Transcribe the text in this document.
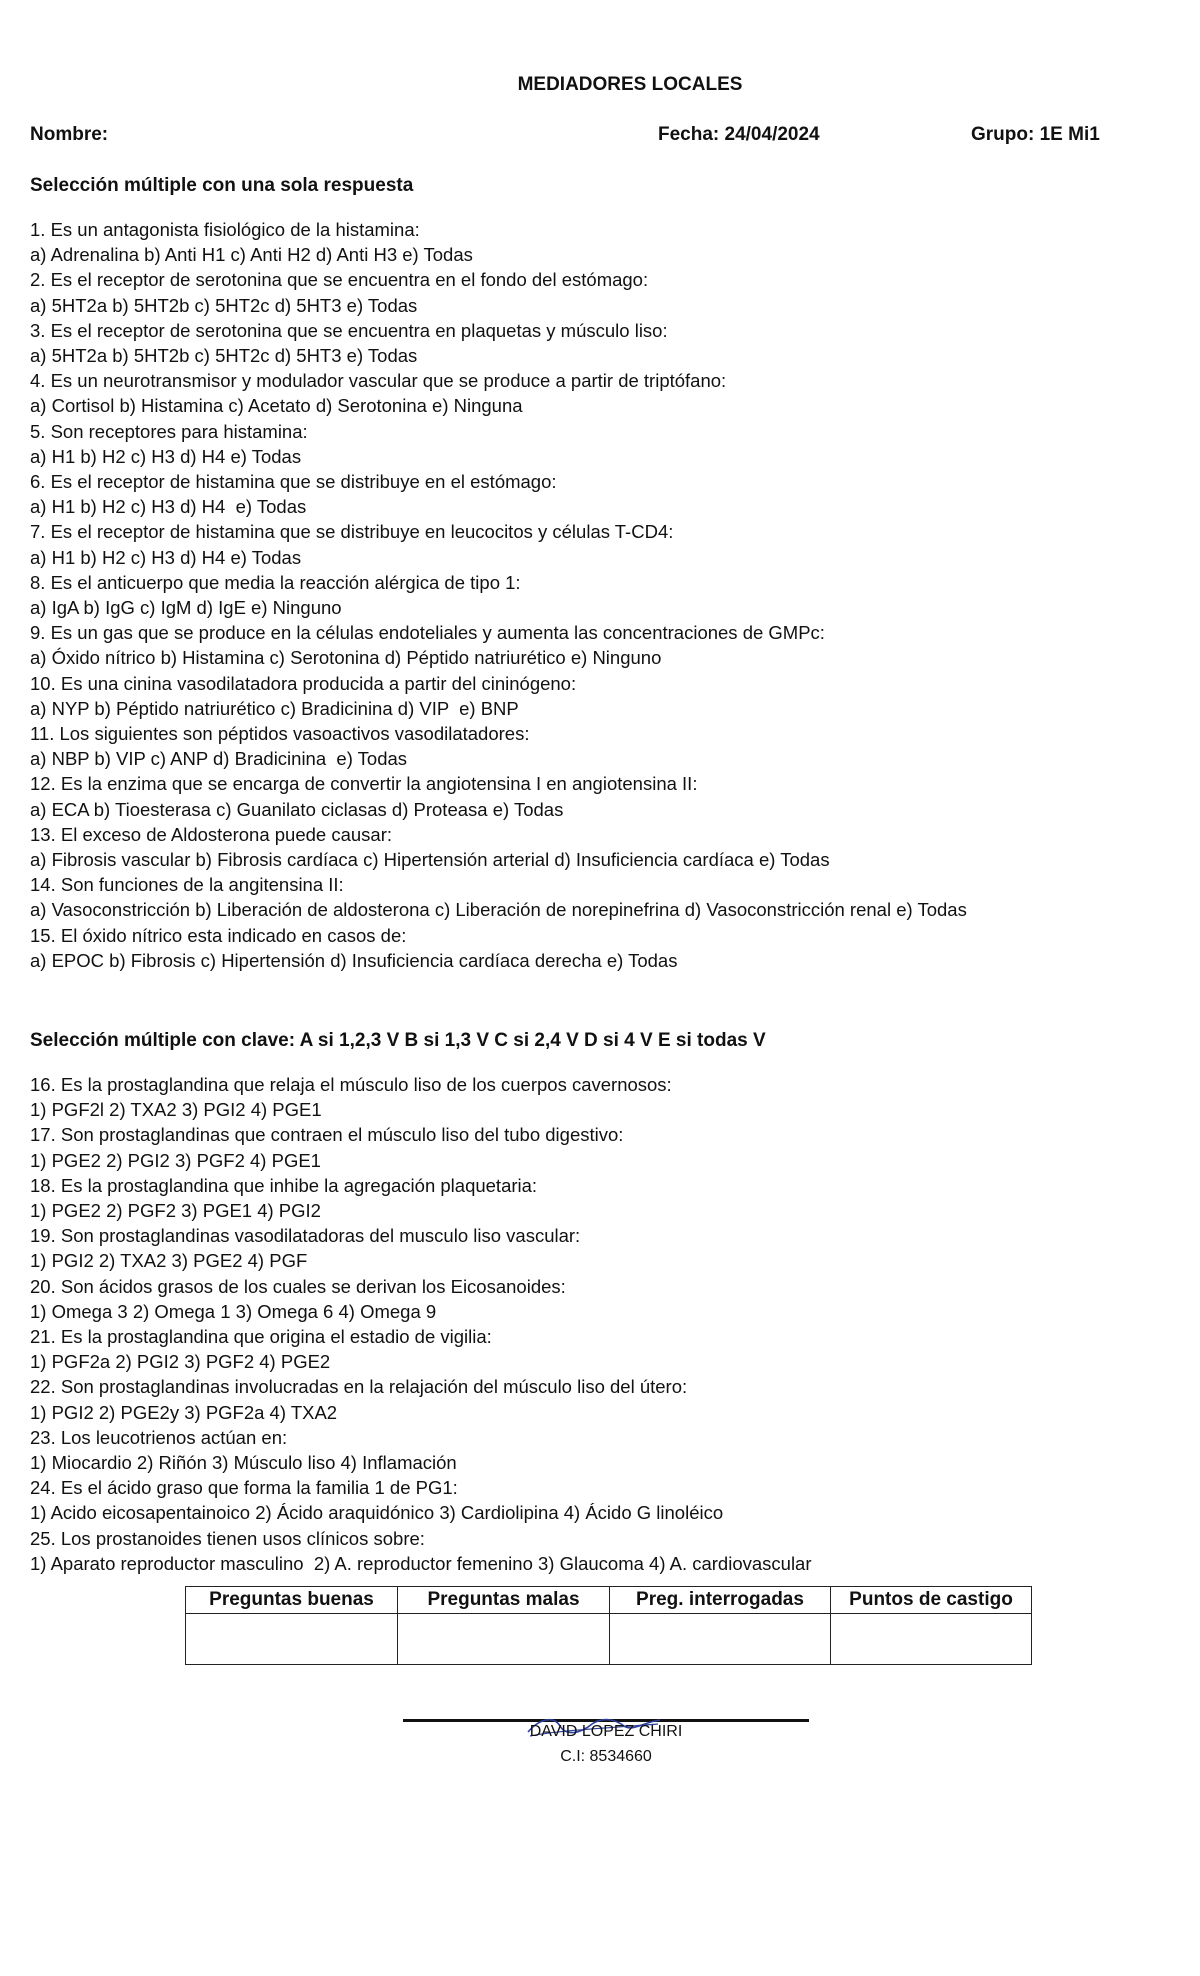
MEDIADORES LOCALES
Nombre:	Fecha: 24/04/2024	Grupo: 1E Mi1
Selección múltiple con una sola respuesta
1. Es un antagonista fisiológico de la histamina:
a) Adrenalina b) Anti H1 c) Anti H2 d) Anti H3 e) Todas
2. Es el receptor de serotonina que se encuentra en el fondo del estómago:
a) 5HT2a b) 5HT2b c) 5HT2c d) 5HT3 e) Todas
3. Es el receptor de serotonina que se encuentra en plaquetas y músculo liso:
a) 5HT2a b) 5HT2b c) 5HT2c d) 5HT3 e) Todas
4. Es un neurotransmisor y modulador vascular que se produce a partir de triptófano:
a) Cortisol b) Histamina c) Acetato d) Serotonina e) Ninguna
5. Son receptores para histamina:
a) H1 b) H2 c) H3 d) H4 e) Todas
6. Es el receptor de histamina que se distribuye en el estómago:
a) H1 b) H2 c) H3 d) H4  e) Todas
7. Es el receptor de histamina que se distribuye en leucocitos y células T-CD4:
a) H1 b) H2 c) H3 d) H4 e) Todas
8. Es el anticuerpo que media la reacción alérgica de tipo 1:
a) IgA b) IgG c) IgM d) IgE e) Ninguno
9. Es un gas que se produce en la células endoteliales y aumenta las concentraciones de GMPc:
a) Óxido nítrico b) Histamina c) Serotonina d) Péptido natriurético e) Ninguno
10. Es una cinina vasodilatadora producida a partir del cininógeno:
a) NYP b) Péptido natriurético c) Bradicinina d) VIP  e) BNP
11. Los siguientes son péptidos vasoactivos vasodilatadores:
a) NBP b) VIP c) ANP d) Bradicinina  e) Todas
12. Es la enzima que se encarga de convertir la angiotensina I en angiotensina II:
a) ECA b) Tioesterasa c) Guanilato ciclasas d) Proteasa e) Todas
13. El exceso de Aldosterona puede causar:
a) Fibrosis vascular b) Fibrosis cardíaca c) Hipertensión arterial d) Insuficiencia cardíaca e) Todas
14. Son funciones de la angitensina II:
a) Vasoconstricción b) Liberación de aldosterona c) Liberación de norepinefrina d) Vasoconstricción renal e) Todas
15. El óxido nítrico esta indicado en casos de:
a) EPOC b) Fibrosis c) Hipertensión d) Insuficiencia cardíaca derecha e) Todas
Selección múltiple con clave: A si 1,2,3 V B si 1,3 V C si 2,4 V D si 4 V E si todas V
16. Es la prostaglandina que relaja el músculo liso de los cuerpos cavernosos:
1) PGF2l 2) TXA2 3) PGI2 4) PGE1
17. Son prostaglandinas que contraen el músculo liso del tubo digestivo:
1) PGE2 2) PGI2 3) PGF2 4) PGE1
18. Es la prostaglandina que inhibe la agregación plaquetaria:
1) PGE2 2) PGF2 3) PGE1 4) PGI2
19. Son prostaglandinas vasodilatadoras del musculo liso vascular:
1) PGI2 2) TXA2 3) PGE2 4) PGF
20. Son ácidos grasos de los cuales se derivan los Eicosanoides:
1) Omega 3 2) Omega 1 3) Omega 6 4) Omega 9
21. Es la prostaglandina que origina el estadio de vigilia:
1) PGF2a 2) PGI2 3) PGF2 4) PGE2
22. Son prostaglandinas involucradas en la relajación del músculo liso del útero:
1) PGI2 2) PGE2y 3) PGF2a 4) TXA2
23. Los leucotrienos actúan en:
1) Miocardio 2) Riñón 3) Músculo liso 4) Inflamación
24. Es el ácido graso que forma la familia 1 de PG1:
1) Acido eicosapentainoico 2) Ácido araquidónico 3) Cardiolipina 4) Ácido G linoléico
25. Los prostanoides tienen usos clínicos sobre:
1) Aparato reproductor masculino  2) A. reproductor femenino 3) Glaucoma 4) A. cardiovascular
Preguntas buenas	Preguntas malas	Preg. interrogadas	Puntos de castigo

DAVID LOPEZ CHIRI
C.I: 8534660
